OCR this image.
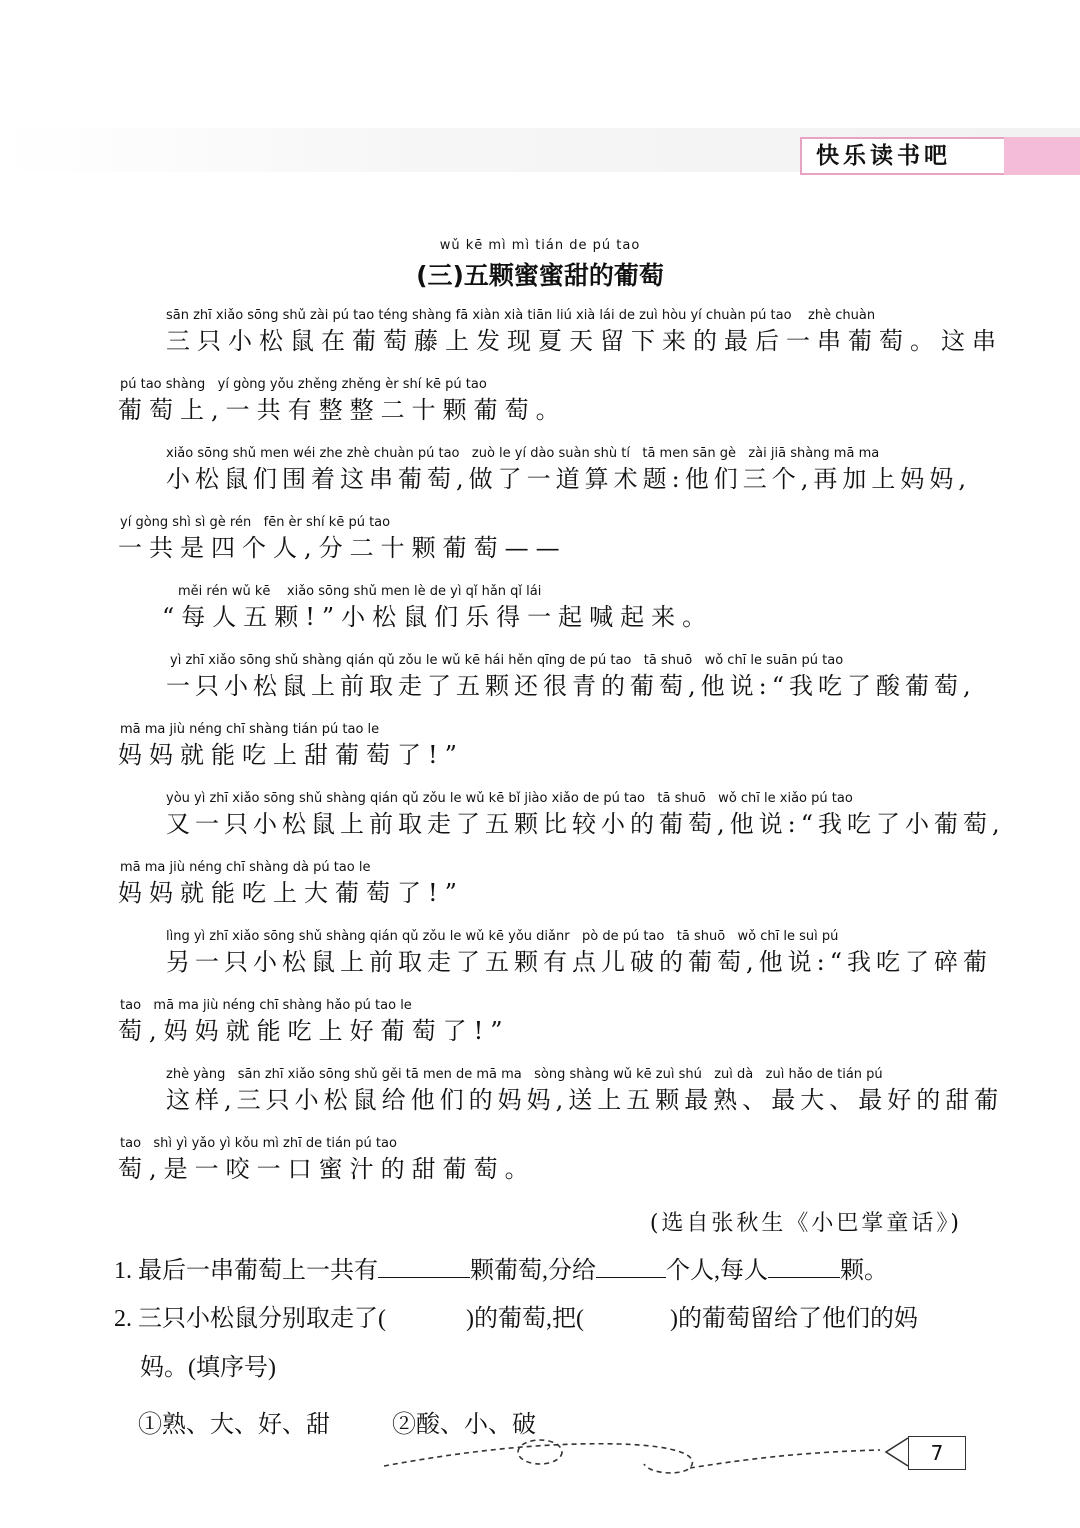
快乐读书吧
wǔ kē mì mì tián de pú tao
(三)五颗蜜蜜甜的葡萄
sān zhī xiǎo sōng shǔ zài pú tao téng shàng fā xiàn xià tiān liú xià lái de zuì hòu yí chuàn pú tao    zhè chuàn
三只小松鼠在葡萄藤上发现夏天留下来的最后一串葡萄。这串
pú tao shàng   yí gòng yǒu zhěng zhěng èr shí kē pú tao
葡萄上,一共有整整二十颗葡萄。
xiǎo sōng shǔ men wéi zhe zhè chuàn pú tao   zuò le yí dào suàn shù tí   tā men sān gè   zài jiā shàng mā ma
小松鼠们围着这串葡萄,做了一道算术题:他们三个,再加上妈妈,
yí gòng shì sì gè rén   fēn èr shí kē pú tao
一共是四个人,分二十颗葡萄——
měi rén wǔ kē    xiǎo sōng shǔ men lè de yì qǐ hǎn qǐ lái
“每人五颗!”小松鼠们乐得一起喊起来。
yì zhī xiǎo sōng shǔ shàng qián qǔ zǒu le wǔ kē hái hěn qīng de pú tao   tā shuō   wǒ chī le suān pú tao
一只小松鼠上前取走了五颗还很青的葡萄,他说:“我吃了酸葡萄,
mā ma jiù néng chī shàng tián pú tao le
妈妈就能吃上甜葡萄了!”
yòu yì zhī xiǎo sōng shǔ shàng qián qǔ zǒu le wǔ kē bǐ jiào xiǎo de pú tao   tā shuō   wǒ chī le xiǎo pú tao
又一只小松鼠上前取走了五颗比较小的葡萄,他说:“我吃了小葡萄,
mā ma jiù néng chī shàng dà pú tao le
妈妈就能吃上大葡萄了!”
lìng yì zhī xiǎo sōng shǔ shàng qián qǔ zǒu le wǔ kē yǒu diǎnr   pò de pú tao   tā shuō   wǒ chī le suì pú
另一只小松鼠上前取走了五颗有点儿破的葡萄,他说:“我吃了碎葡
tao   mā ma jiù néng chī shàng hǎo pú tao le
萄,妈妈就能吃上好葡萄了!”
zhè yàng   sān zhī xiǎo sōng shǔ gěi tā men de mā ma   sòng shàng wǔ kē zuì shú   zuì dà   zuì hǎo de tián pú
这样,三只小松鼠给他们的妈妈,送上五颗最熟、最大、最好的甜葡
tao   shì yì yǎo yì kǒu mì zhī de tián pú tao
萄,是一咬一口蜜汁的甜葡萄。
(选自张秋生《小巴掌童话》)
1. 最后一串葡萄上一共有	颗葡萄,分给	个人,每人	颗。
2. 三只小松鼠分别取走了(	)的葡萄,把(	)的葡萄留给了他们的妈
妈。(填序号)
①熟、大、好、甜	②酸、小、破
7
